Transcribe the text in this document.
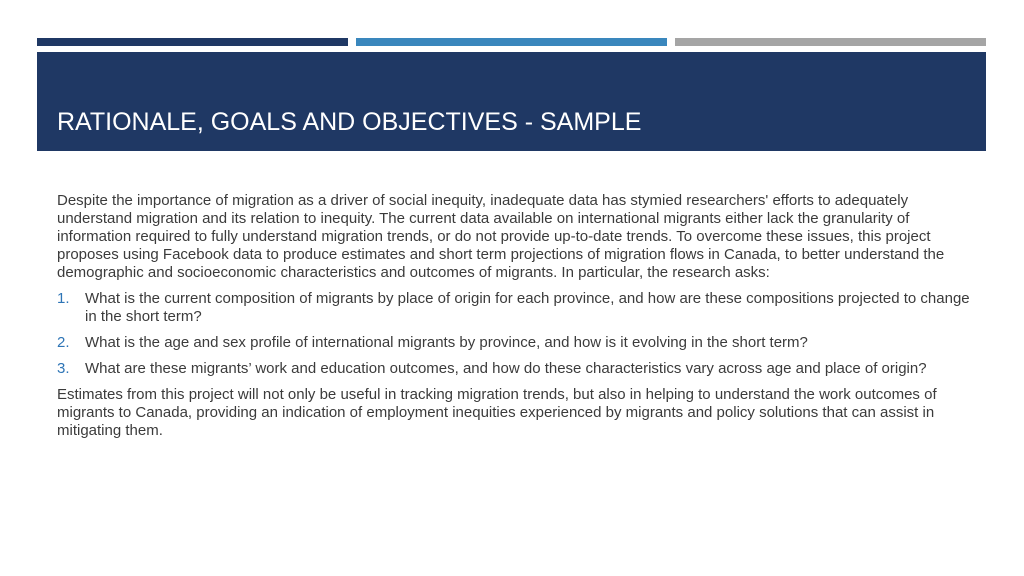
RATIONALE, GOALS AND OBJECTIVES - SAMPLE

Despite the importance of migration as a driver of social inequity, inadequate data has stymied researchers' efforts to adequately understand migration and its relation to inequity. The current data available on international migrants either lack the granularity of information required to fully understand migration trends, or do not provide up-to-date trends. To overcome these issues, this project proposes using Facebook data to produce estimates and short term projections of migration flows in Canada, to better understand the demographic and socioeconomic characteristics and outcomes of migrants. In particular, the research asks:

1. What is the current composition of migrants by place of origin for each province, and how are these compositions projected to change in the short term?
2. What is the age and sex profile of international migrants by province, and how is it evolving in the short term?
3. What are these migrants’ work and education outcomes, and how do these characteristics vary across age and place of origin?

Estimates from this project will not only be useful in tracking migration trends, but also in helping to understand the work outcomes of migrants to Canada, providing an indication of employment inequities experienced by migrants and policy solutions that can assist in mitigating them.
